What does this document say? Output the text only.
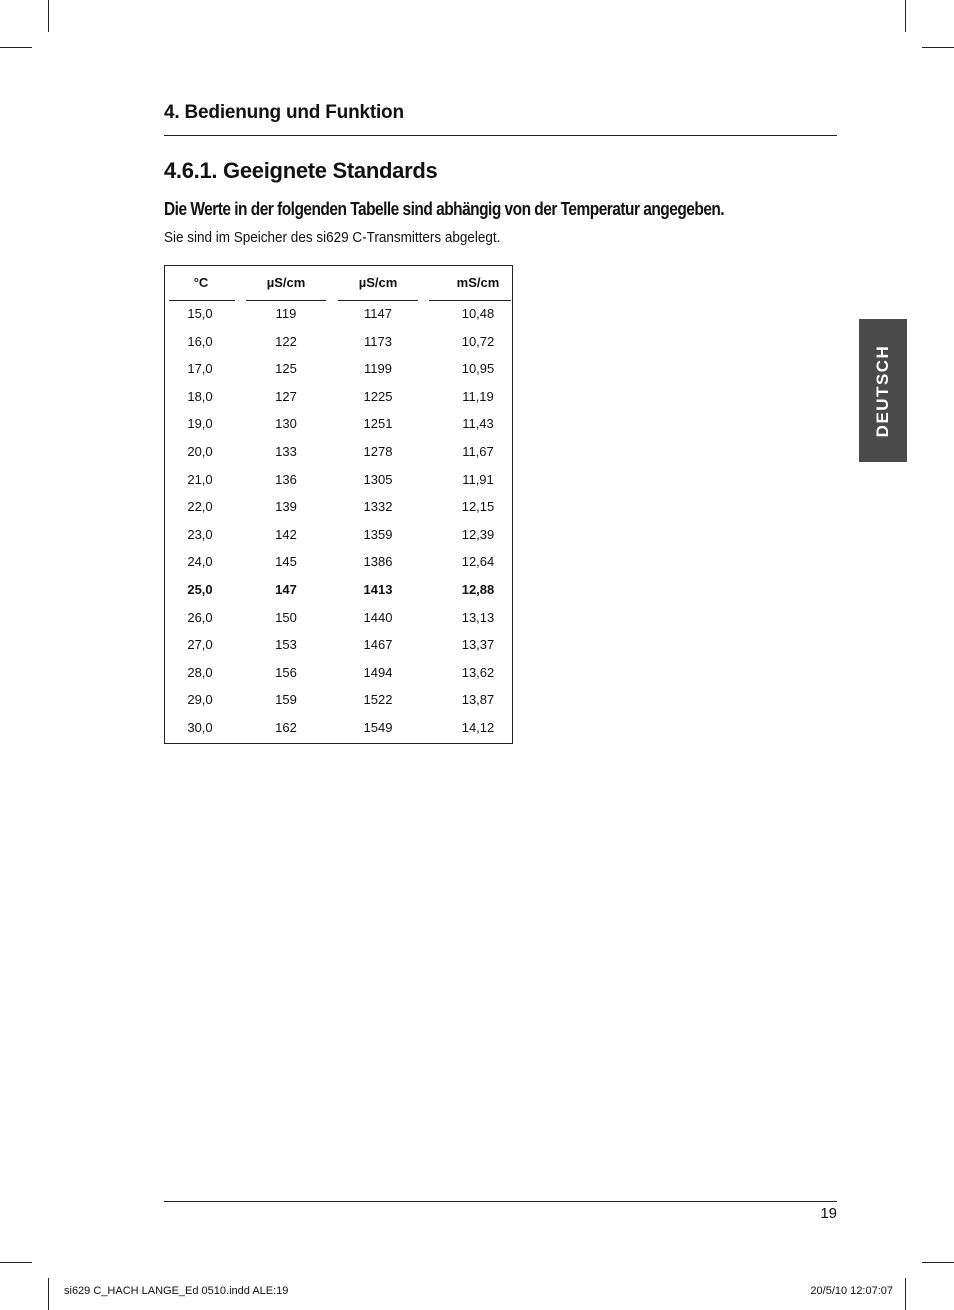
4. Bedienung und Funktion
4.6.1. Geeignete Standards
Die Werte in der folgenden Tabelle sind abhängig von der Temperatur angegeben.
Sie sind im Speicher des si629 C-Transmitters abgelegt.
°C	µS/cm	µS/cm	mS/cm
15,0	119	1147	10,48
16,0	122	1173	10,72
17,0	125	1199	10,95
18,0	127	1225	11,19
19,0	130	1251	11,43
20,0	133	1278	11,67
21,0	136	1305	11,91
22,0	139	1332	12,15
23,0	142	1359	12,39
24,0	145	1386	12,64
25,0	147	1413	12,88
26,0	150	1440	13,13
27,0	153	1467	13,37
28,0	156	1494	13,62
29,0	159	1522	13,87
30,0	162	1549	14,12
DEUTSCH
19
si629 C_HACH LANGE_Ed 0510.indd ALE:19	20/5/10 12:07:07
